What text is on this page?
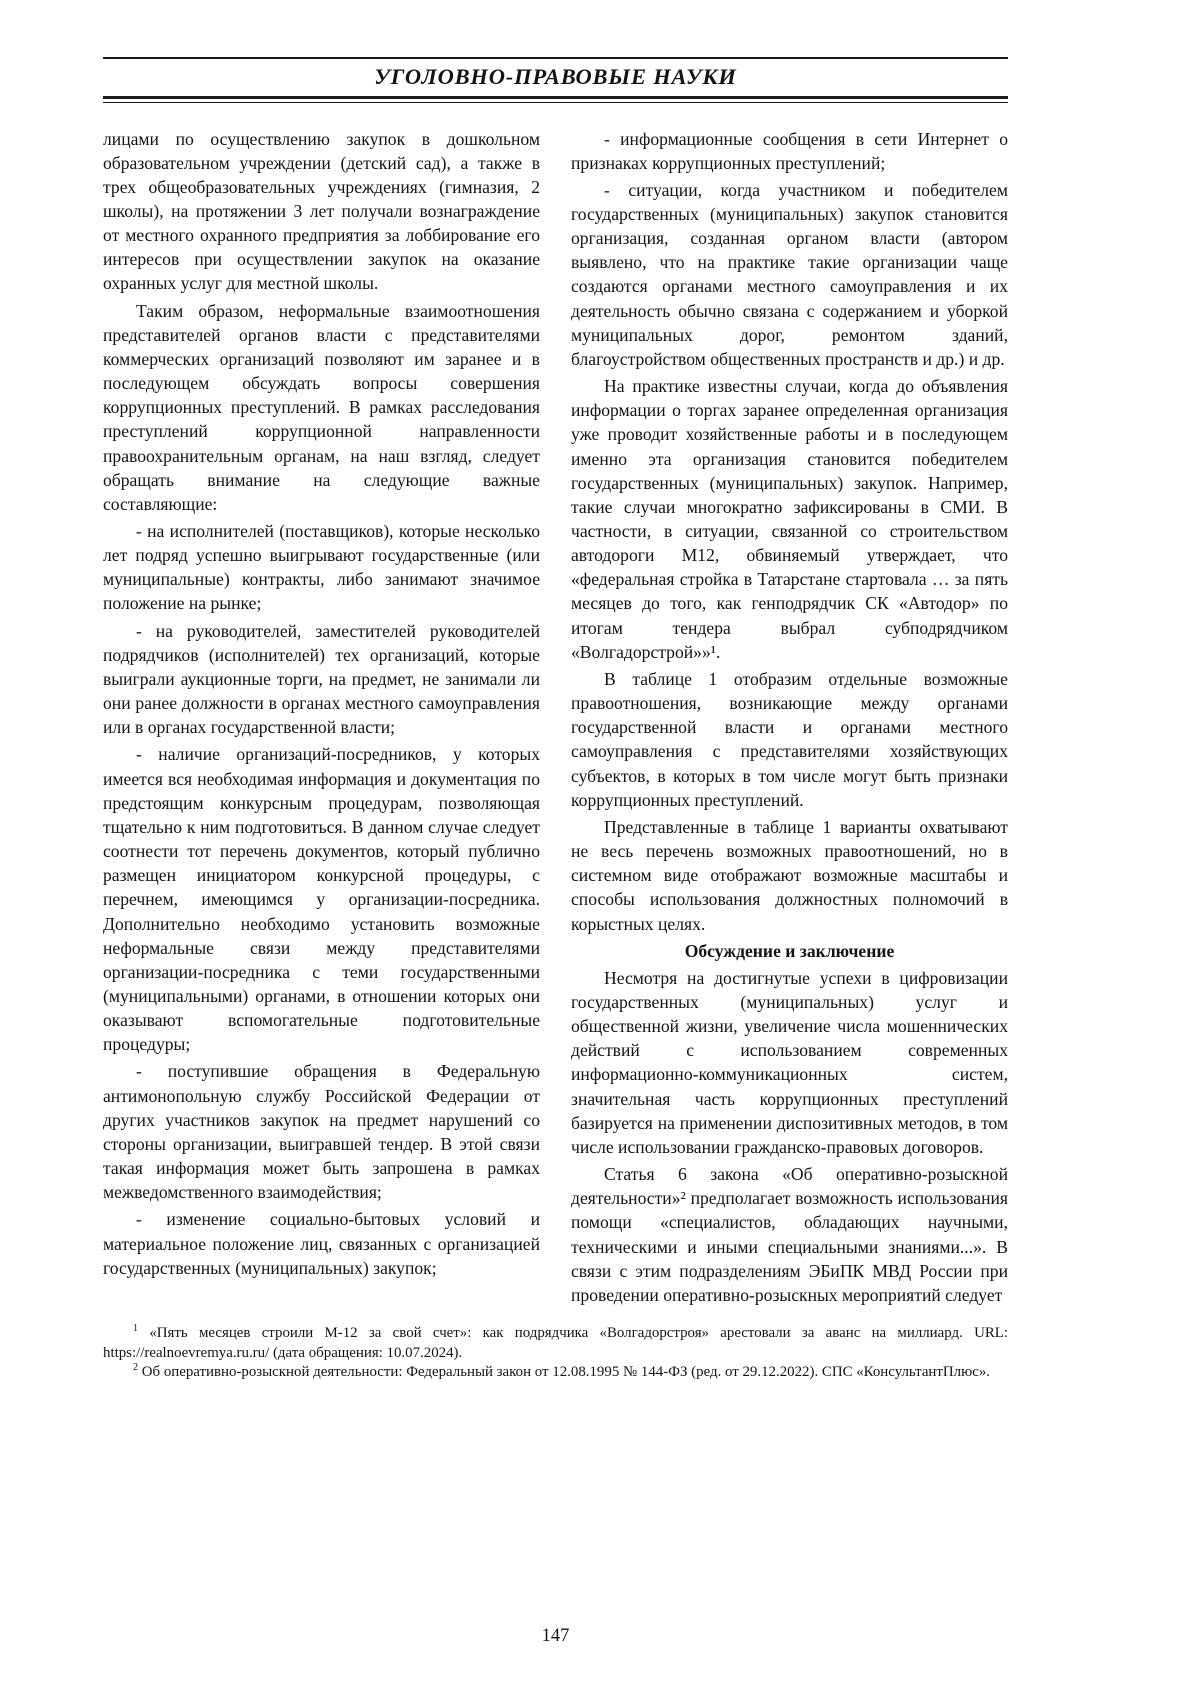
УГОЛОВНО-ПРАВОВЫЕ НАУКИ

лицами по осуществлению закупок в дошкольном образовательном учреждении (детский сад), а также в трех общеобразовательных учреждениях (гимназия, 2 школы), на протяжении 3 лет получали вознаграждение от местного охранного предприятия за лоббирование его интересов при осуществлении закупок на оказание охранных услуг для местной школы.

Таким образом, неформальные взаимоотношения представителей органов власти с представителями коммерческих организаций позволяют им заранее и в последующем обсуждать вопросы совершения коррупционных преступлений. В рамках расследования преступлений коррупционной направленности правоохранительным органам, на наш взгляд, следует обращать внимание на следующие важные составляющие:

- на исполнителей (поставщиков), которые несколько лет подряд успешно выигрывают государственные (или муниципальные) контракты, либо занимают значимое положение на рынке;

- на руководителей, заместителей руководителей подрядчиков (исполнителей) тех организаций, которые выиграли аукционные торги, на предмет, не занимали ли они ранее должности в органах местного самоуправления или в органах государственной власти;

- наличие организаций-посредников, у которых имеется вся необходимая информация и документация по предстоящим конкурсным процедурам, позволяющая тщательно к ним подготовиться. В данном случае следует соотнести тот перечень документов, который публично размещен инициатором конкурсной процедуры, с перечнем, имеющимся у организации-посредника. Дополнительно необходимо установить возможные неформальные связи между представителями организации-посредника с теми государственными (муниципальными) органами, в отношении которых они оказывают вспомогательные подготовительные процедуры;

- поступившие обращения в Федеральную антимонопольную службу Российской Федерации от других участников закупок на предмет нарушений со стороны организации, выигравшей тендер. В этой связи такая информация может быть запрошена в рамках межведомственного взаимодействия;

- изменение социально-бытовых условий и материальное положение лиц, связанных с организацией государственных (муниципальных) закупок;

- информационные сообщения в сети Интернет о признаках коррупционных преступлений;

- ситуации, когда участником и победителем государственных (муниципальных) закупок становится организация, созданная органом власти (автором выявлено, что на практике такие организации чаще создаются органами местного самоуправления и их деятельность обычно связана с содержанием и уборкой муниципальных дорог, ремонтом зданий, благоустройством общественных пространств и др.) и др.

На практике известны случаи, когда до объявления информации о торгах заранее определенная организация уже проводит хозяйственные работы и в последующем именно эта организация становится победителем государственных (муниципальных) закупок. Например, такие случаи многократно зафиксированы в СМИ. В частности, в ситуации, связанной со строительством автодороги М12, обвиняемый утверждает, что «федеральная стройка в Татарстане стартовала … за пять месяцев до того, как генподрядчик СК «Автодор» по итогам тендера выбрал субподрядчиком «Волгадорстрой»»¹.

В таблице 1 отобразим отдельные возможные правоотношения, возникающие между органами государственной власти и органами местного самоуправления с представителями хозяйствующих субъектов, в которых в том числе могут быть признаки коррупционных преступлений.

Представленные в таблице 1 варианты охватывают не весь перечень возможных правоотношений, но в системном виде отображают возможные масштабы и способы использования должностных полномочий в корыстных целях.

Обсуждение и заключение

Несмотря на достигнутые успехи в цифровизации государственных (муниципальных) услуг и общественной жизни, увеличение числа мошеннических действий с использованием современных информационно-коммуникационных систем, значительная часть коррупционных преступлений базируется на применении диспозитивных методов, в том числе использовании гражданско-правовых договоров.

Статья 6 закона «Об оперативно-розыскной деятельности»² предполагает возможность использования помощи «специалистов, обладающих научными, техническими и иными специальными знаниями...». В связи с этим подразделениям ЭБиПК МВД России при проведении оперативно-розыскных мероприятий следует

$^1$ «Пять месяцев строили М-12 за свой счет»: как подрядчика «Волгадорстроя» арестовали за аванс на миллиард. URL: https://realnoevremya.ru.ru/ (дата обращения: 10.07.2024).

$^2$ Об оперативно-розыскной деятельности: Федеральный закон от 12.08.1995 № 144-ФЗ (ред. от 29.12.2022). СПС «КонсультантПлюс».

147
